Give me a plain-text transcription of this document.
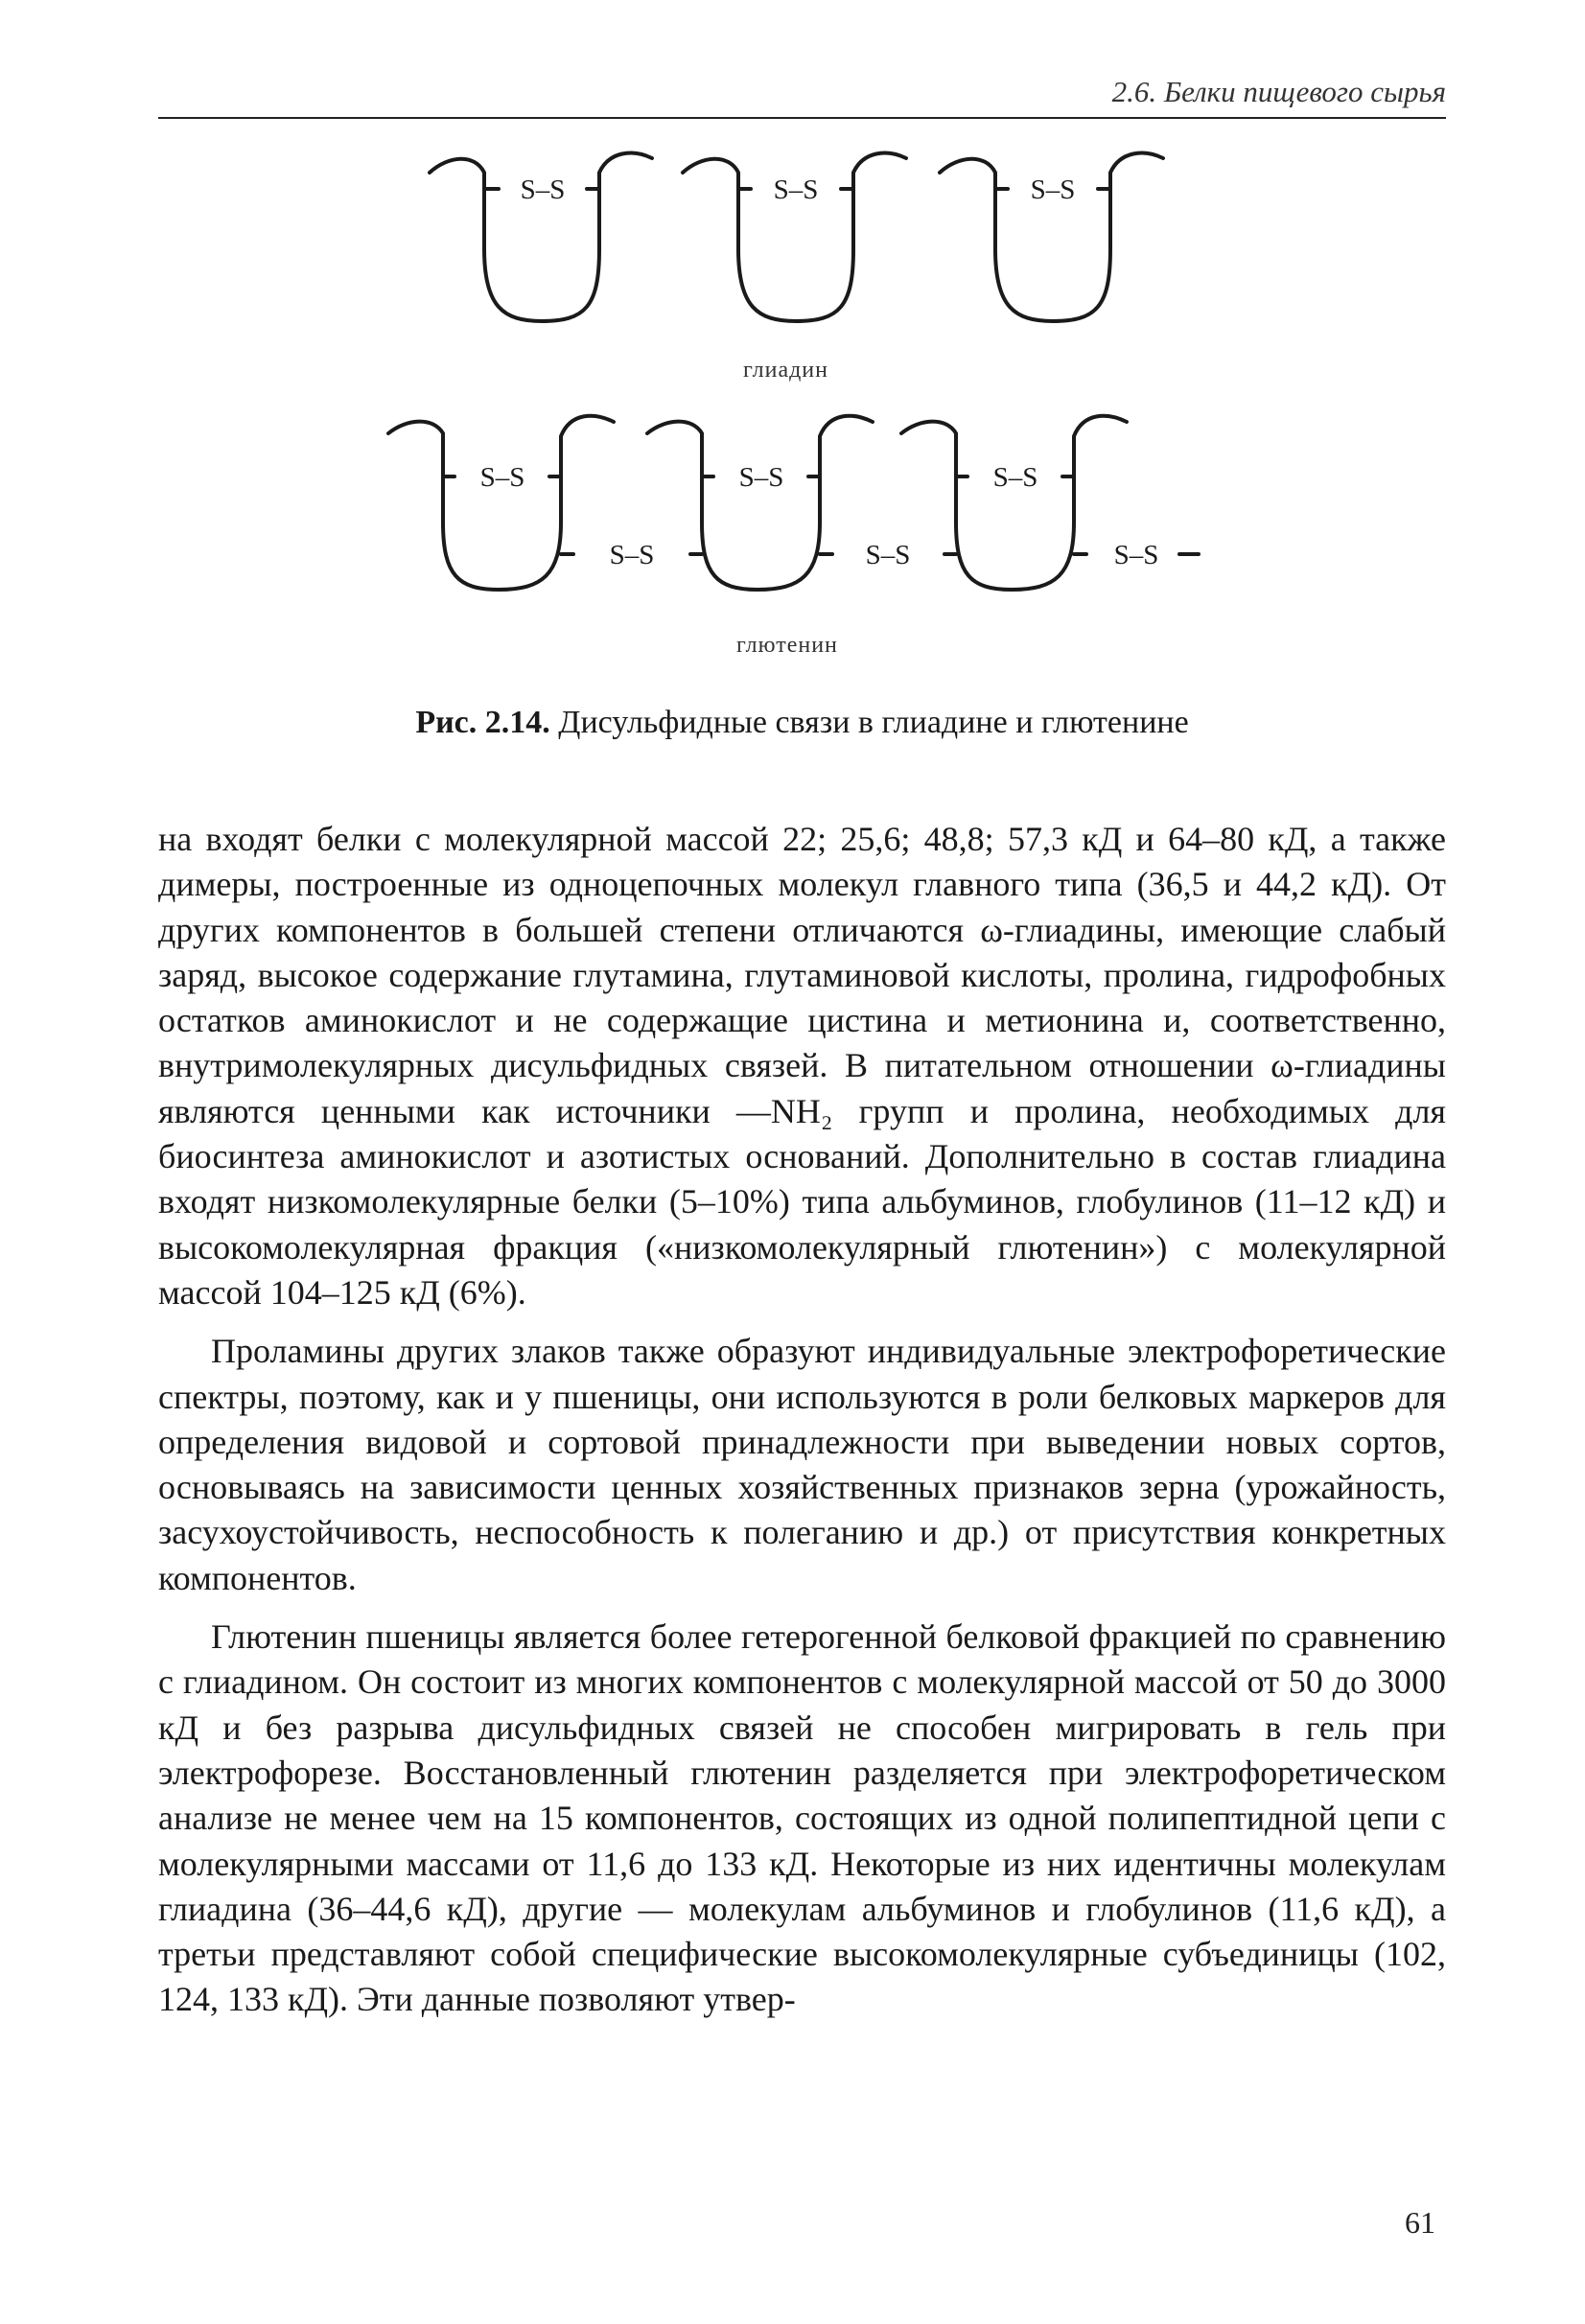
2.6. Белки пищевого сырья
S–S	S–S	S–S
S–S	S–S	S–S
S–S	S–S	S–S
глиадин
глютенин
Рис. 2.14. Дисульфидные связи в глиадине и глютенине

на входят белки с молекулярной массой 22; 25,6; 48,8; 57,3 кД и 64–80 кД, а также димеры, построенные из одноцепочных молекул главного типа (36,5 и 44,2 кД). От других компонентов в большей степени отличаются ω-глиадины, имеющие слабый заряд, высокое содержание глутамина, глутаминовой кислоты, пролина, гидрофобных остатков аминокислот и не содержащие цистина и метионина и, соответственно, внутримолекулярных дисульфидных связей. В питательном отношении ω-глиадины являются ценными как источники —NH₂ групп и пролина, необходимых для биосинтеза аминокислот и азотистых оснований. Дополнительно в состав глиадина входят низкомолекулярные белки (5–10%) типа альбуминов, глобулинов (11–12 кД) и высокомолекулярная фракция («низкомолекулярный глютенин») с молекулярной массой 104–125 кД (6%).

Проламины других злаков также образуют индивидуальные электрофоретические спектры, поэтому, как и у пшеницы, они используются в роли белковых маркеров для определения видовой и сортовой принадлежности при выведении новых сортов, основываясь на зависимости ценных хозяйственных признаков зерна (урожайность, засухоустойчивость, неспособность к полеганию и др.) от присутствия конкретных компонентов.

Глютенин пшеницы является более гетерогенной белковой фракцией по сравнению с глиадином. Он состоит из многих компонентов с молекулярной массой от 50 до 3000 кД и без разрыва дисульфидных связей не способен мигрировать в гель при электрофорезе. Восстановленный глютенин разделяется при электрофоретическом анализе не менее чем на 15 компонентов, состоящих из одной полипептидной цепи с молекулярными массами от 11,6 до 133 кД. Некоторые из них идентичны молекулам глиадина (36–44,6 кД), другие — молекулам альбуминов и глобулинов (11,6 кД), а третьи представляют собой специфические высокомолекулярные субъединицы (102, 124, 133 кД). Эти данные позволяют утвер-

61
